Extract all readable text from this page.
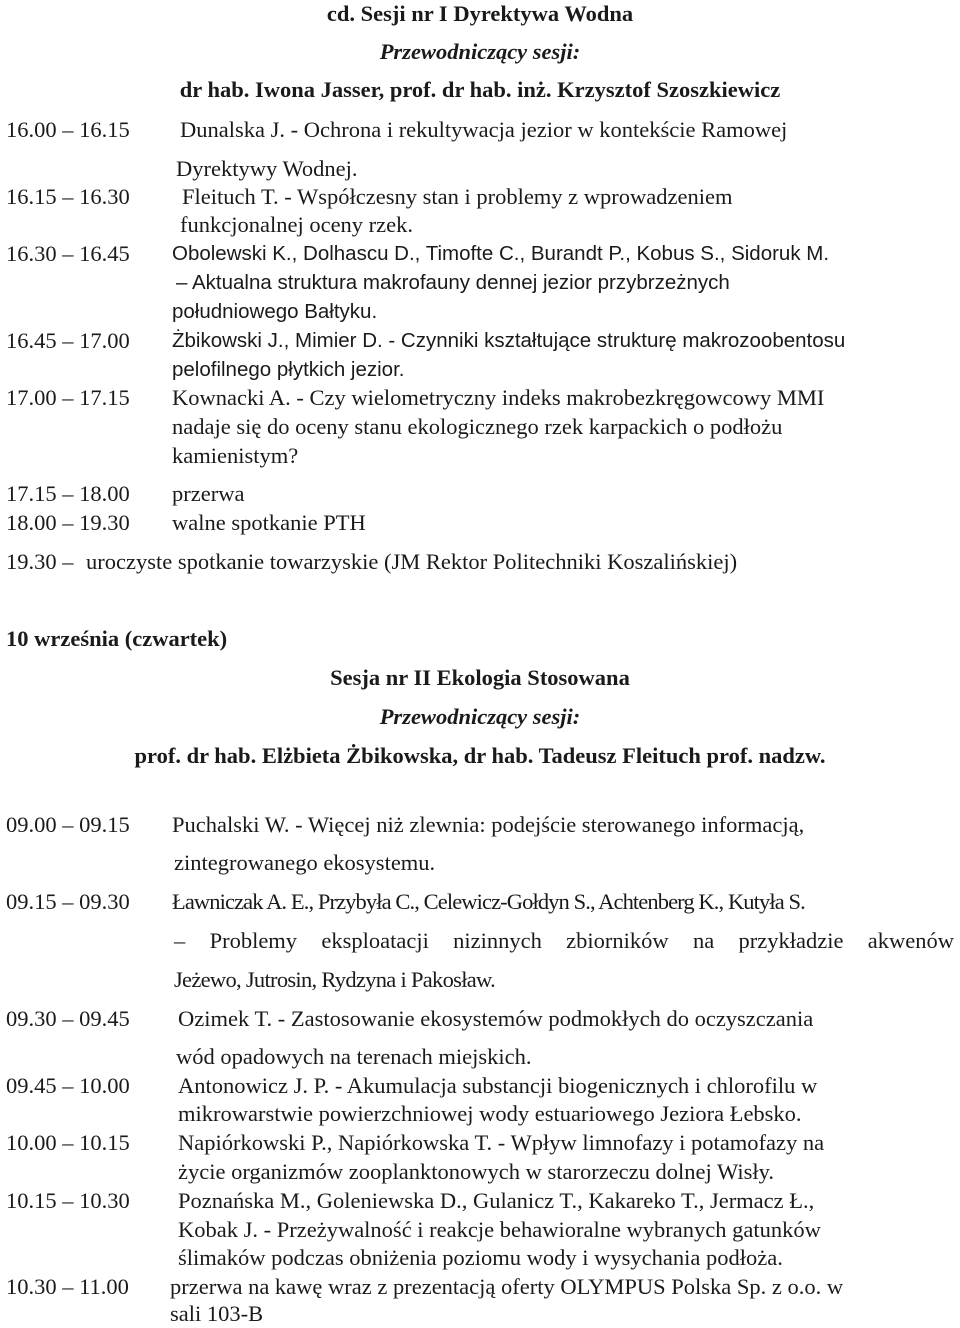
cd. Sesji nr I Dyrektywa Wodna
Przewodniczący sesji:
dr hab. Iwona Jasser, prof. dr hab. inż. Krzysztof Szoszkiewicz
16.00 – 16.15 Dunalska J. - Ochrona i rekultywacja jezior w kontekście Ramowej
Dyrektywy Wodnej.
16.15 – 16.30 Fleituch T. - Współczesny stan i problemy z wprowadzeniem
funkcjonalnej oceny rzek.
16.30 – 16.45 Obolewski K., Dolhascu D., Timofte C., Burandt P., Kobus S., Sidoruk M.
– Aktualna struktura makrofauny dennej jezior przybrzeżnych
południowego Bałtyku.
16.45 – 17.00 Żbikowski J., Mimier D. - Czynniki kształtujące strukturę makrozoobentosu
pelofilnego płytkich jezior.
17.00 – 17.15 Kownacki A. - Czy wielometryczny indeks makrobezkręgowcowy MMI
nadaje się do oceny stanu ekologicznego rzek karpackich o podłożu
kamienistym?
17.15 – 18.00 przerwa
18.00 – 19.30 walne spotkanie PTH
19.30 – uroczyste spotkanie towarzyskie (JM Rektor Politechniki Koszalińskiej)
10 września (czwartek)
Sesja nr II Ekologia Stosowana
Przewodniczący sesji:
prof. dr hab. Elżbieta Żbikowska, dr hab. Tadeusz Fleituch prof. nadzw.
09.00 – 09.15 Puchalski W. - Więcej niż zlewnia: podejście sterowanego informacją,
zintegrowanego ekosystemu.
09.15 – 09.30 Ławniczak A. E., Przybyła C., Celewicz-Gołdyn S., Achtenberg K., Kutyła S.
– Problemy eksploatacji nizinnych zbiorników na przykładzie akwenów
Jeżewo, Jutrosin, Rydzyna i Pakosław.
09.30 – 09.45 Ozimek T. - Zastosowanie ekosystemów podmokłych do oczyszczania
wód opadowych na terenach miejskich.
09.45 – 10.00 Antonowicz J. P. - Akumulacja substancji biogenicznych i chlorofilu w
mikrowarstwie powierzchniowej wody estuariowego Jeziora Łebsko.
10.00 – 10.15 Napiórkowski P., Napiórkowska T. - Wpływ limnofazy i potamofazy na
życie organizmów zooplanktonowych w starorzeczu dolnej Wisły.
10.15 – 10.30 Poznańska M., Goleniewska D., Gulanicz T., Kakareko T., Jermacz Ł.,
Kobak J. - Przeżywalność i reakcje behawioralne wybranych gatunków
ślimaków podczas obniżenia poziomu wody i wysychania podłoża.
10.30 – 11.00 przerwa na kawę wraz z prezentacją oferty OLYMPUS Polska Sp. z o.o. w
sali 103-B
